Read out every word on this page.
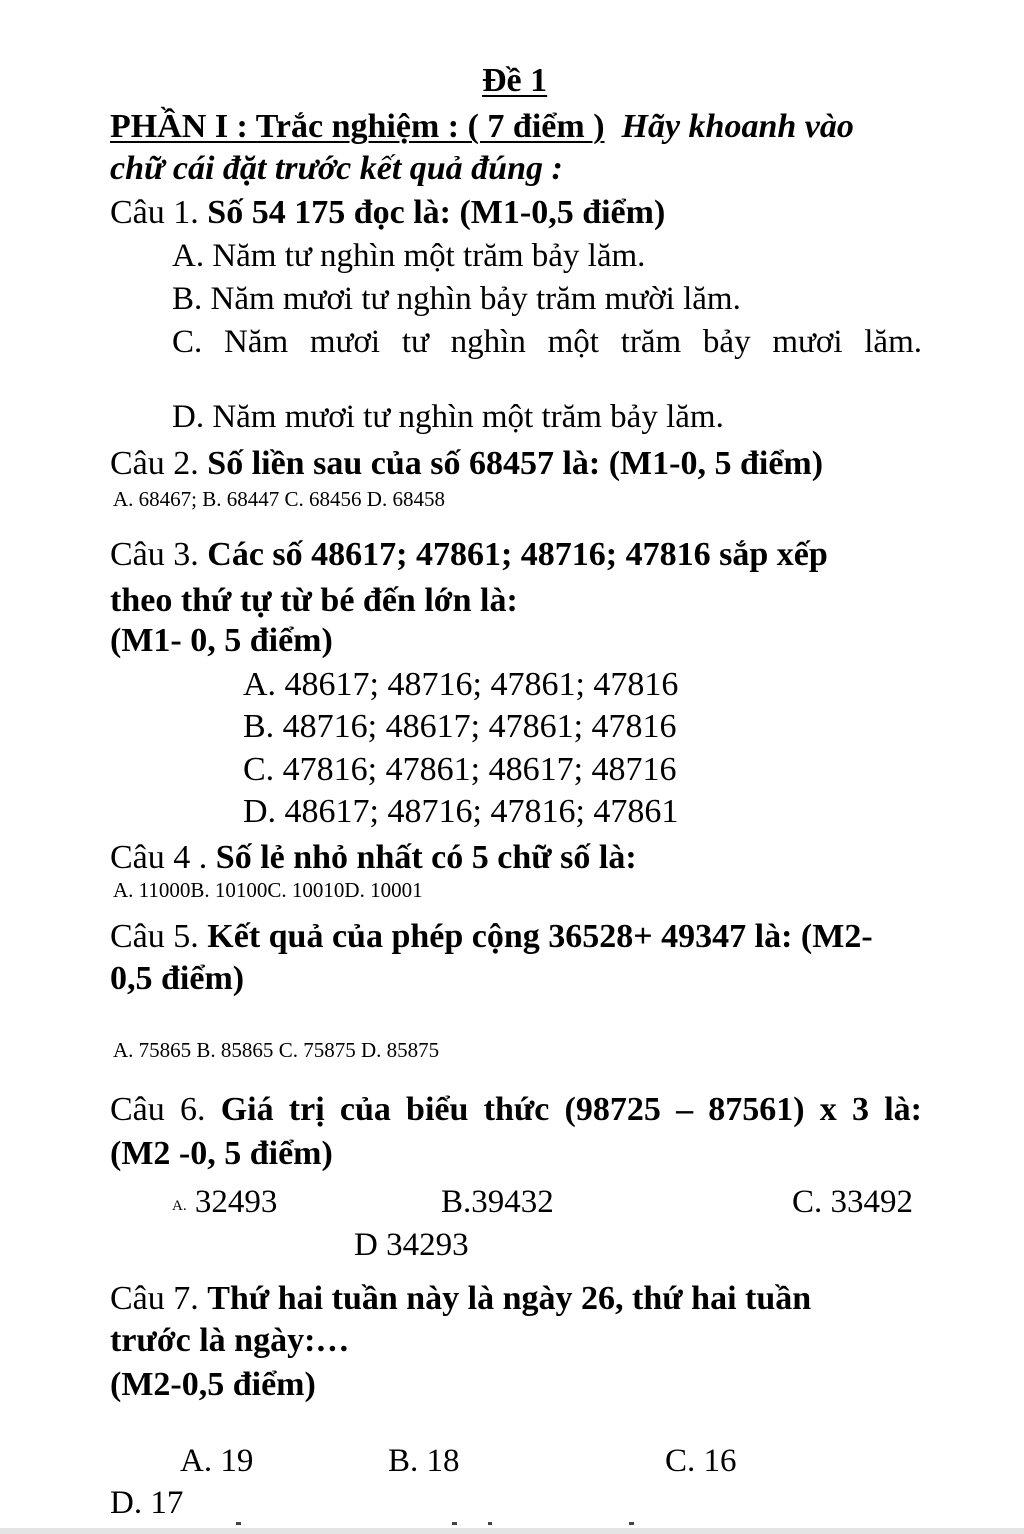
Đề 1
PHẦN I : Trắc nghiệm : ( 7 điểm ) Hãy khoanh vào
chữ cái đặt trước kết quả đúng :
Câu 1. Số 54 175 đọc là: (M1-0,5 điểm)
A. Năm tư nghìn một trăm bảy lăm.
B. Năm mươi tư nghìn bảy trăm mười lăm.
C. Năm mươi tư nghìn một trăm bảy mươi lăm.
D. Năm mươi tư nghìn một trăm bảy lăm.
Câu 2. Số liền sau của số 68457 là: (M1-0, 5 điểm)
A. 68467; B. 68447 C. 68456 D. 68458
Câu 3. Các số 48617; 47861; 48716; 47816 sắp xếp
theo thứ tự từ bé đến lớn là:
(M1- 0, 5 điểm)
A. 48617; 48716; 47861; 47816
B. 48716; 48617; 47861; 47816
C. 47816; 47861; 48617; 48716
D. 48617; 48716; 47816; 47861
Câu 4 . Số lẻ nhỏ nhất có 5 chữ số là:
A. 11000B. 10100C. 10010D. 10001
Câu 5. Kết quả của phép cộng 36528+ 49347 là: (M2-
0,5 điểm)
A. 75865 B. 85865 C. 75875 D. 85875
Câu 6. Giá trị của biểu thức (98725 – 87561) x 3 là:
(M2 -0, 5 điểm)
A. 32493	B.39432	C. 33492
D 34293
Câu 7. Thứ hai tuần này là ngày 26, thứ hai tuần
trước là ngày:…
(M2-0,5 điểm)
A. 19	B. 18	C. 16
D. 17
